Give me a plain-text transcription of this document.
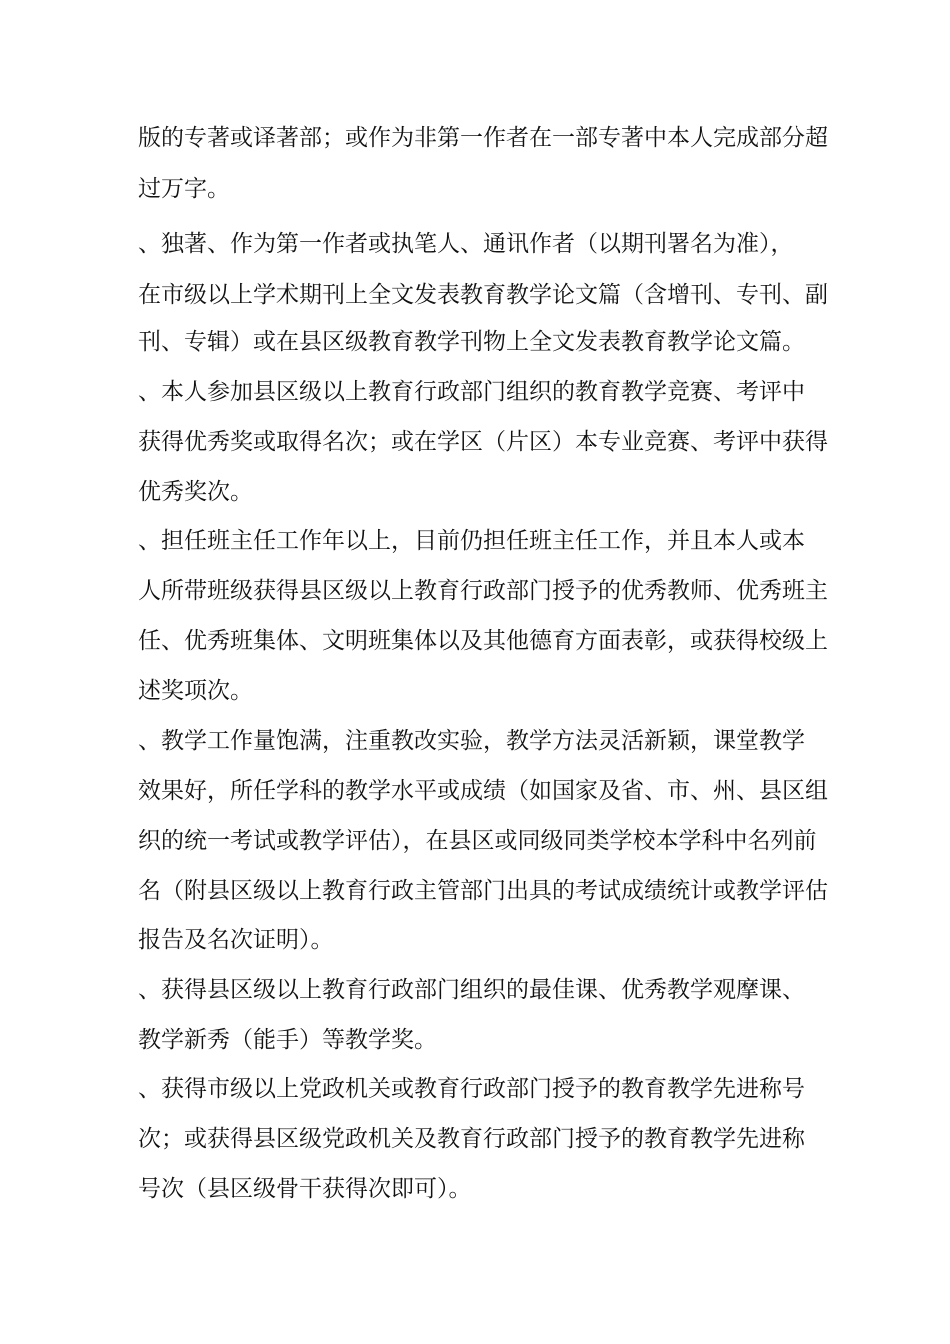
版的专著或译著部；或作为非第一作者在一部专著中本人完成部分超

过万字。

、独著、作为第一作者或执笔人、通讯作者（以期刊署名为准），

在市级以上学术期刊上全文发表教育教学论文篇（含增刊、专刊、副

刊、专辑）或在县区级教育教学刊物上全文发表教育教学论文篇。

、本人参加县区级以上教育行政部门组织的教育教学竞赛、考评中

获得优秀奖或取得名次；或在学区（片区）本专业竞赛、考评中获得

优秀奖次。

、担任班主任工作年以上，目前仍担任班主任工作，并且本人或本

人所带班级获得县区级以上教育行政部门授予的优秀教师、优秀班主

任、优秀班集体、文明班集体以及其他德育方面表彰，或获得校级上

述奖项次。

、教学工作量饱满，注重教改实验，教学方法灵活新颖，课堂教学

效果好，所任学科的教学水平或成绩（如国家及省、市、州、县区组

织的统一考试或教学评估），在县区或同级同类学校本学科中名列前

名（附县区级以上教育行政主管部门出具的考试成绩统计或教学评估

报告及名次证明）。

、获得县区级以上教育行政部门组织的最佳课、优秀教学观摩课、

教学新秀（能手）等教学奖。

、获得市级以上党政机关或教育行政部门授予的教育教学先进称号

次；或获得县区级党政机关及教育行政部门授予的教育教学先进称

号次（县区级骨干获得次即可）。
